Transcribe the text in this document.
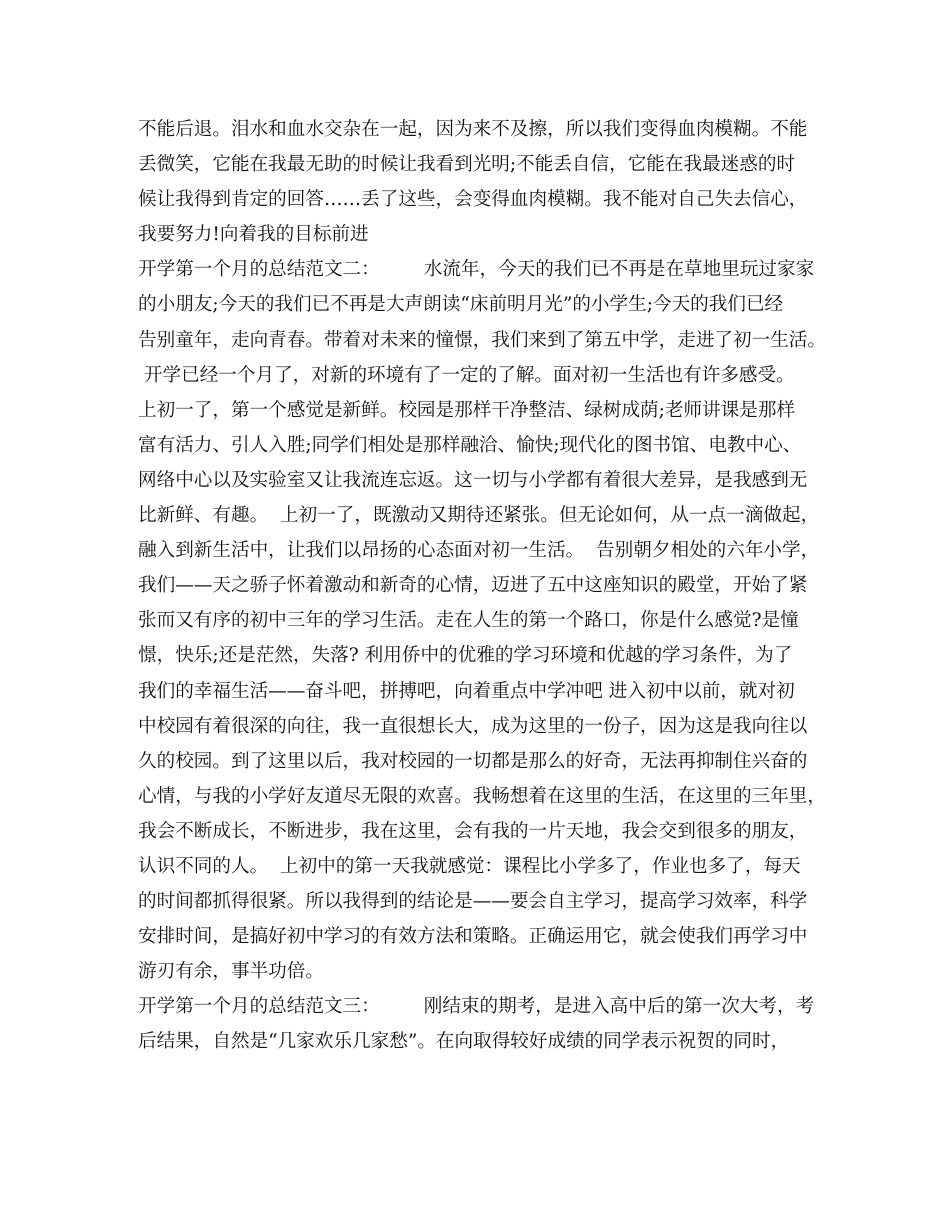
不能后退。泪水和血水交杂在一起，因为来不及擦，所以我们变得血肉模糊。不能
丢微笑，它能在我最无助的时候让我看到光明;不能丢自信，它能在我最迷惑的时
候让我得到肯定的回答……丢了这些，会变得血肉模糊。我不能对自己失去信心，
我要努力!向着我的目标前进
开学第一个月的总结范文二： 水流年，今天的我们已不再是在草地里玩过家家
的小朋友;今天的我们已不再是大声朗读“床前明月光”的小学生;今天的我们已经
告别童年，走向青春。带着对未来的憧憬，我们来到了第五中学，走进了初一生活。
开学已经一个月了，对新的环境有了一定的了解。面对初一生活也有许多感受。
上初一了，第一个感觉是新鲜。校园是那样干净整洁、绿树成荫;老师讲课是那样
富有活力、引人入胜;同学们相处是那样融洽、愉快;现代化的图书馆、电教中心、
网络中心以及实验室又让我流连忘返。这一切与小学都有着很大差异，是我感到无
比新鲜、有趣。  上初一了，既激动又期待还紧张。但无论如何，从一点一滴做起，
融入到新生活中，让我们以昂扬的心态面对初一生活。  告别朝夕相处的六年小学，
我们——天之骄子怀着激动和新奇的心情，迈进了五中这座知识的殿堂，开始了紧
张而又有序的初中三年的学习生活。走在人生的第一个路口，你是什么感觉?是憧
憬，快乐;还是茫然，失落? 利用侨中的优雅的学习环境和优越的学习条件，为了
我们的幸福生活——奋斗吧，拼搏吧，向着重点中学冲吧 进入初中以前，就对初
中校园有着很深的向往，我一直很想长大，成为这里的一份子，因为这是我向往以
久的校园。到了这里以后，我对校园的一切都是那么的好奇，无法再抑制住兴奋的
心情，与我的小学好友道尽无限的欢喜。我畅想着在这里的生活，在这里的三年里，
我会不断成长，不断进步，我在这里，会有我的一片天地，我会交到很多的朋友，
认识不同的人。  上初中的第一天我就感觉：课程比小学多了，作业也多了，每天
的时间都抓得很紧。所以我得到的结论是——要会自主学习，提高学习效率，科学
安排时间，是搞好初中学习的有效方法和策略。正确运用它，就会使我们再学习中
游刃有余，事半功倍。
开学第一个月的总结范文三： 刚结束的期考，是进入高中后的第一次大考，考
后结果，自然是“几家欢乐几家愁”。在向取得较好成绩的同学表示祝贺的同时，
